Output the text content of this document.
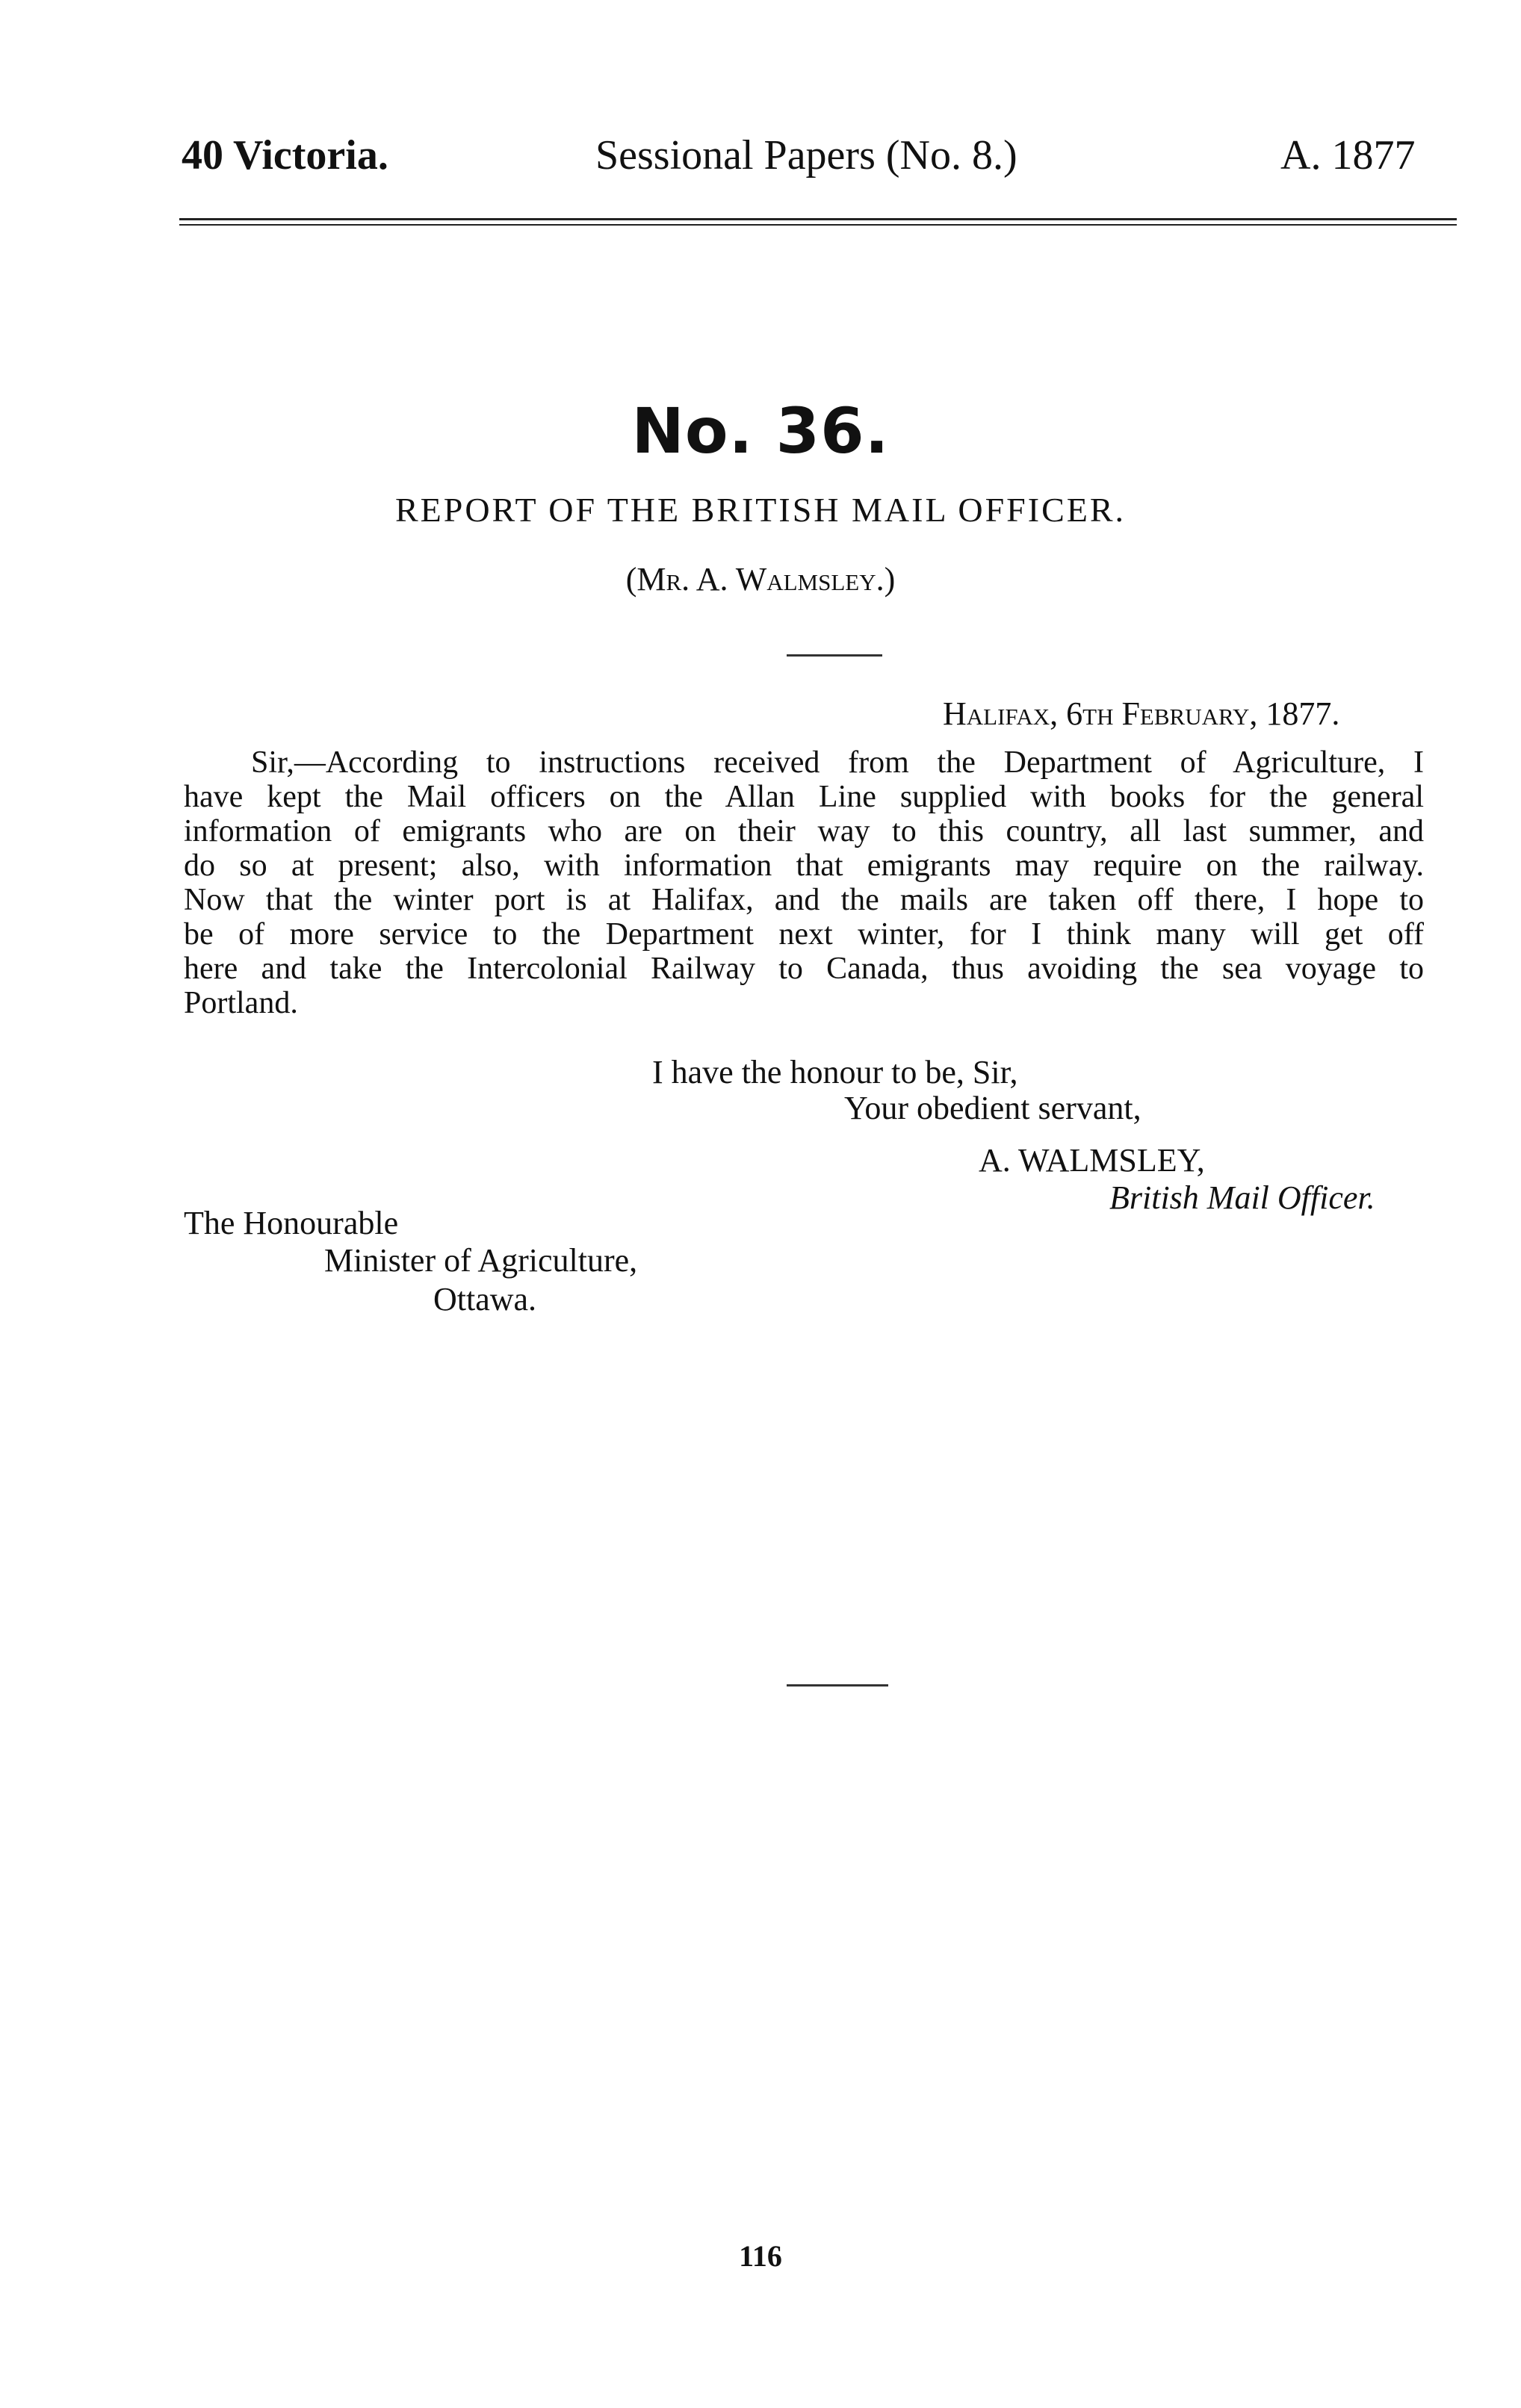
40 Victoria.	Sessional Papers (No. 8.)	A. 1877
No. 36.
REPORT OF THE BRITISH MAIL OFFICER.
(Mr. A. Walmsley.)
Halifax, 6th February, 1877.
Sir,—According to instructions received from the Department of Agriculture, I
have kept the Mail officers on the Allan Line supplied with books for the general
information of emigrants who are on their way to this country, all last summer, and
do so at present; also, with information that emigrants may require on the railway.
Now that the winter port is at Halifax, and the mails are taken off there, I hope to
be of more service to the Department next winter, for I think many will get off
here and take the Intercolonial Railway to Canada, thus avoiding the sea voyage to
Portland.
I have the honour to be, Sir,
Your obedient servant,
A. WALMSLEY,
British Mail Officer.
The Honourable
Minister of Agriculture,
Ottawa.
116
